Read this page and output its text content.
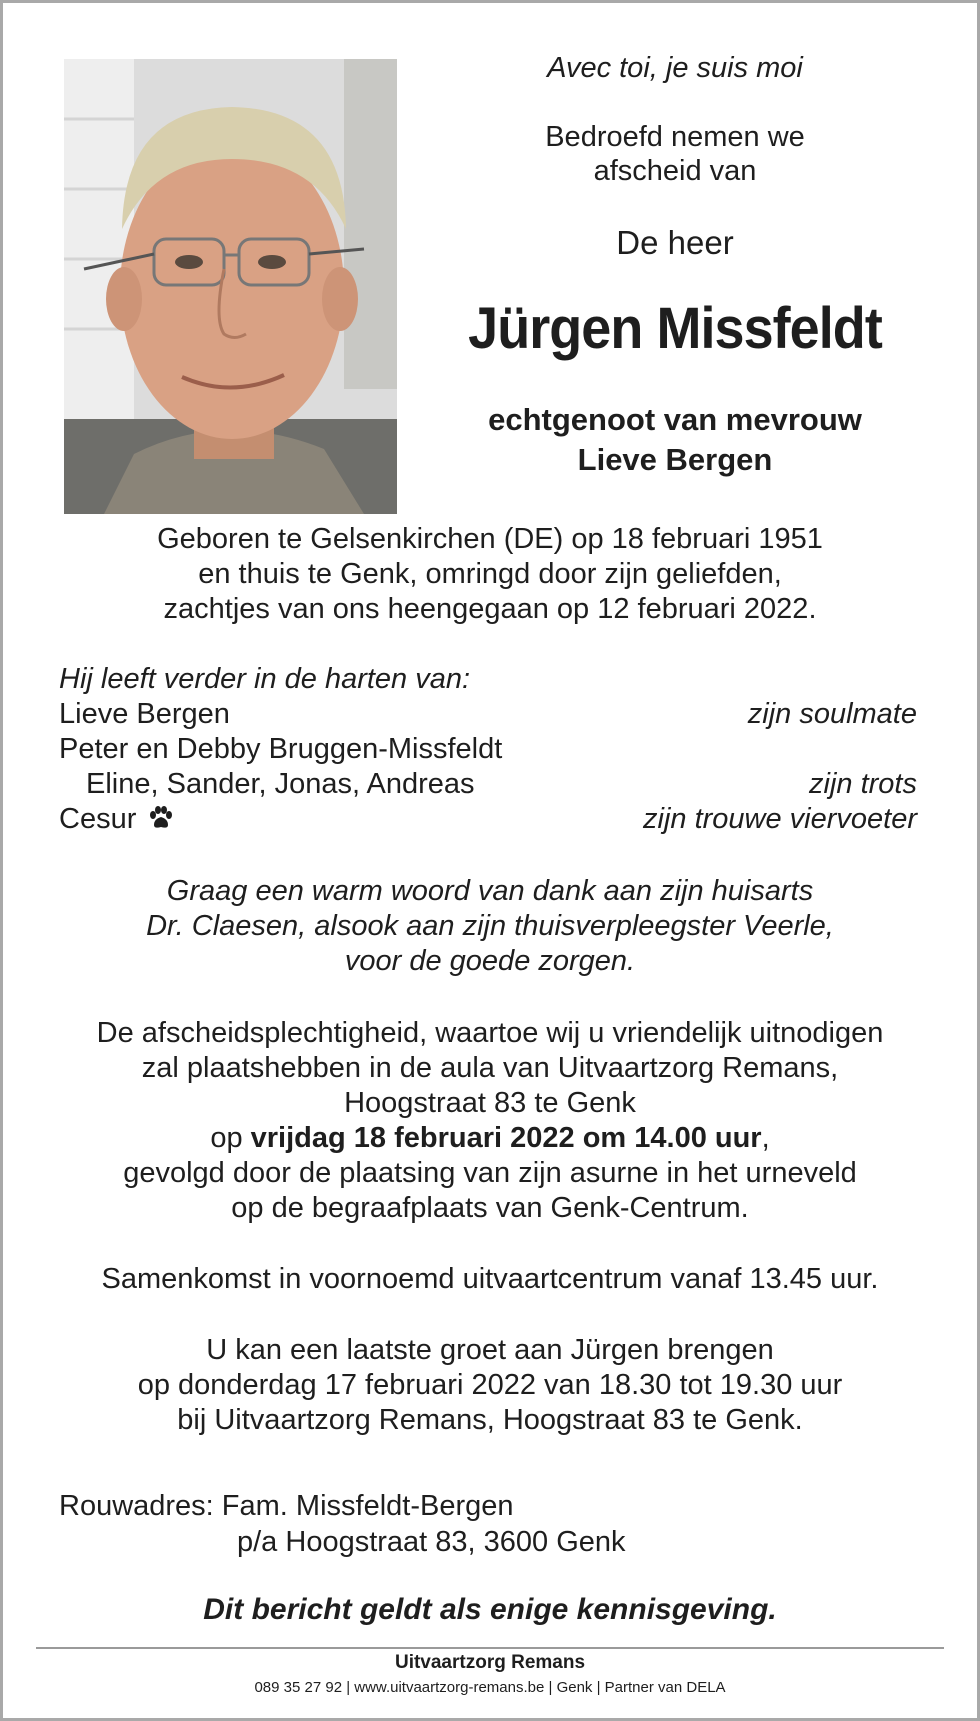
Avec toi, je suis moi
Bedroefd nemen we
afscheid van
De heer
Jürgen Missfeldt
echtgenoot van mevrouw
Lieve Bergen
Geboren te Gelsenkirchen (DE) op 18 februari 1951
en thuis te Genk, omringd door zijn geliefden,
zachtjes van ons heengegaan op 12 februari 2022.
Hij leeft verder in de harten van:
Lieve Bergen	zijn soulmate
Peter en Debby Bruggen-Missfeldt
Eline, Sander, Jonas, Andreas	zijn trots
Cesur	zijn trouwe viervoeter
Graag een warm woord van dank aan zijn huisarts
Dr. Claesen, alsook aan zijn thuisverpleegster Veerle,
voor de goede zorgen.
De afscheidsplechtigheid, waartoe wij u vriendelijk uitnodigen
zal plaatshebben in de aula van Uitvaartzorg Remans,
Hoogstraat 83 te Genk
op vrijdag 18 februari 2022 om 14.00 uur,
gevolgd door de plaatsing van zijn asurne in het urneveld
op de begraafplaats van Genk-Centrum.
Samenkomst in voornoemd uitvaartcentrum vanaf 13.45 uur.
U kan een laatste groet aan Jürgen brengen
op donderdag 17 februari 2022 van 18.30 tot 19.30 uur
bij Uitvaartzorg Remans, Hoogstraat 83 te Genk.
Rouwadres: Fam. Missfeldt-Bergen
p/a Hoogstraat 83, 3600 Genk
Dit bericht geldt als enige kennisgeving.
Uitvaartzorg Remans
089 35 27 92 | www.uitvaartzorg-remans.be | Genk | Partner van DELA
